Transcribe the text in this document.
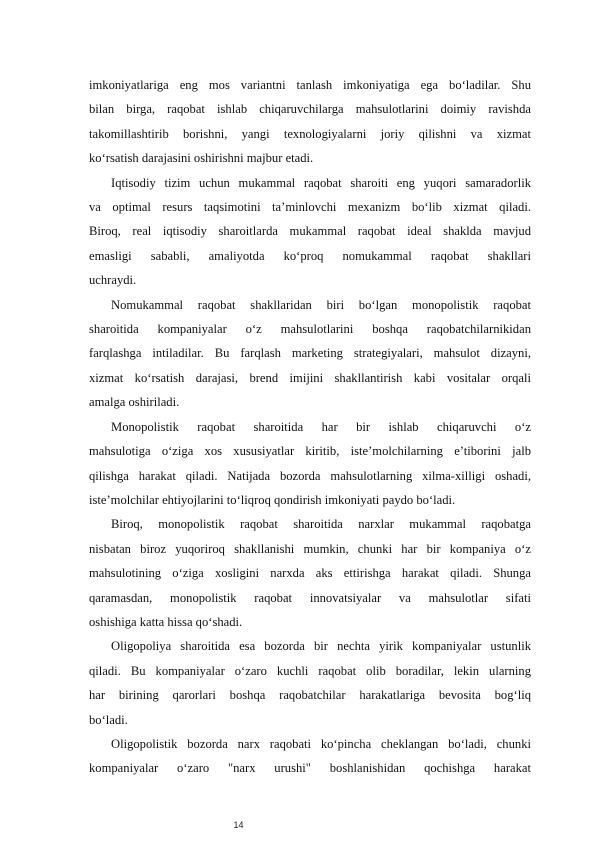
imkoniyatlariga eng mos variantni tanlash imkoniyatiga ega bo‘ladilar. Shu
bilan birga, raqobat ishlab chiqaruvchilarga mahsulotlarini doimiy ravishda
takomillashtirib borishni, yangi texnologiyalarni joriy qilishni va xizmat
ko‘rsatish darajasini oshirishni majbur etadi.
Iqtisodiy tizim uchun mukammal raqobat sharoiti eng yuqori samaradorlik
va optimal resurs taqsimotini ta’minlovchi mexanizm bo‘lib xizmat qiladi.
Biroq, real iqtisodiy sharoitlarda mukammal raqobat ideal shaklda mavjud
emasligi sababli, amaliyotda ko‘proq nomukammal raqobat shakllari
uchraydi.
Nomukammal raqobat shakllaridan biri bo‘lgan monopolistik raqobat
sharoitida kompaniyalar o‘z mahsulotlarini boshqa raqobatchilarnikidan
farqlashga intiladilar. Bu farqlash marketing strategiyalari, mahsulot dizayni,
xizmat ko‘rsatish darajasi, brend imijini shakllantirish kabi vositalar orqali
amalga oshiriladi.
Monopolistik raqobat sharoitida har bir ishlab chiqaruvchi o‘z
mahsulotiga o‘ziga xos xususiyatlar kiritib, iste’molchilarning e’tiborini jalb
qilishga harakat qiladi. Natijada bozorda mahsulotlarning xilma-xilligi oshadi,
iste’molchilar ehtiyojlarini to‘liqroq qondirish imkoniyati paydo bo‘ladi.
Biroq, monopolistik raqobat sharoitida narxlar mukammal raqobatga
nisbatan biroz yuqoriroq shakllanishi mumkin, chunki har bir kompaniya o‘z
mahsulotining o‘ziga xosligini narxda aks ettirishga harakat qiladi. Shunga
qaramasdan, monopolistik raqobat innovatsiyalar va mahsulotlar sifati
oshishiga katta hissa qo‘shadi.
Oligopoliya sharoitida esa bozorda bir nechta yirik kompaniyalar ustunlik
qiladi. Bu kompaniyalar o‘zaro kuchli raqobat olib boradilar, lekin ularning
har birining qarorlari boshqa raqobatchilar harakatlariga bevosita bog‘liq
bo‘ladi.
Oligopolistik bozorda narx raqobati ko‘pincha cheklangan bo‘ladi, chunki
kompaniyalar o‘zaro "narx urushi" boshlanishidan qochishga harakat
14
